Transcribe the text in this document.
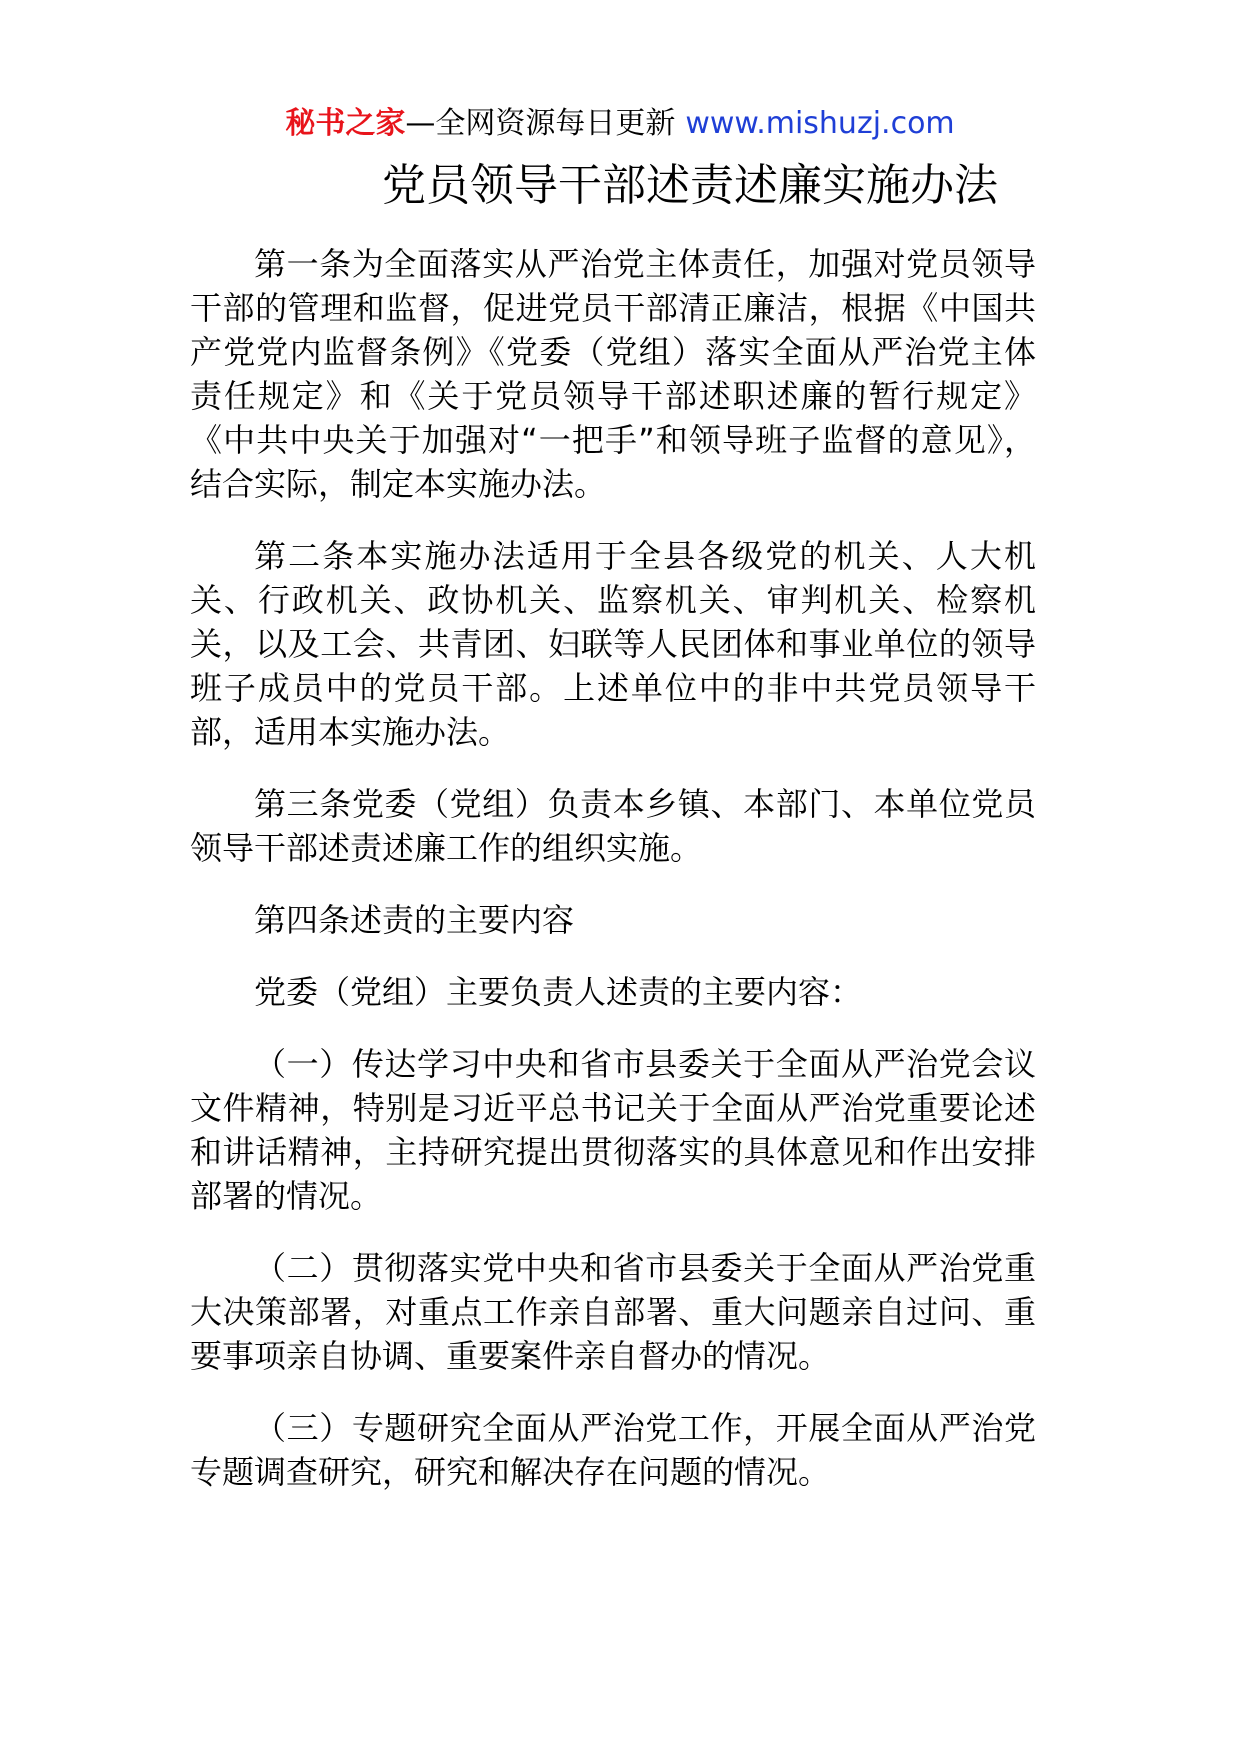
秘书之家—全网资源每日更新 www.mishuzj.com
党员领导干部述责述廉实施办法

第一条为全面落实从严治党主体责任，加强对党员领导干部的管理和监督，促进党员干部清正廉洁，根据《中国共产党党内监督条例》《党委（党组）落实全面从严治党主体责任规定》和《关于党员领导干部述职述廉的暂行规定》《中共中央关于加强对“一把手”和领导班子监督的意见》，结合实际，制定本实施办法。

第二条本实施办法适用于全县各级党的机关、人大机关、行政机关、政协机关、监察机关、审判机关、检察机关，以及工会、共青团、妇联等人民团体和事业单位的领导班子成员中的党员干部。上述单位中的非中共党员领导干部，适用本实施办法。

第三条党委（党组）负责本乡镇、本部门、本单位党员领导干部述责述廉工作的组织实施。

第四条述责的主要内容

党委（党组）主要负责人述责的主要内容：

（一）传达学习中央和省市县委关于全面从严治党会议文件精神，特别是习近平总书记关于全面从严治党重要论述和讲话精神，主持研究提出贯彻落实的具体意见和作出安排部署的情况。

（二）贯彻落实党中央和省市县委关于全面从严治党重大决策部署，对重点工作亲自部署、重大问题亲自过问、重要事项亲自协调、重要案件亲自督办的情况。

（三）专题研究全面从严治党工作，开展全面从严治党专题调查研究，研究和解决存在问题的情况。
